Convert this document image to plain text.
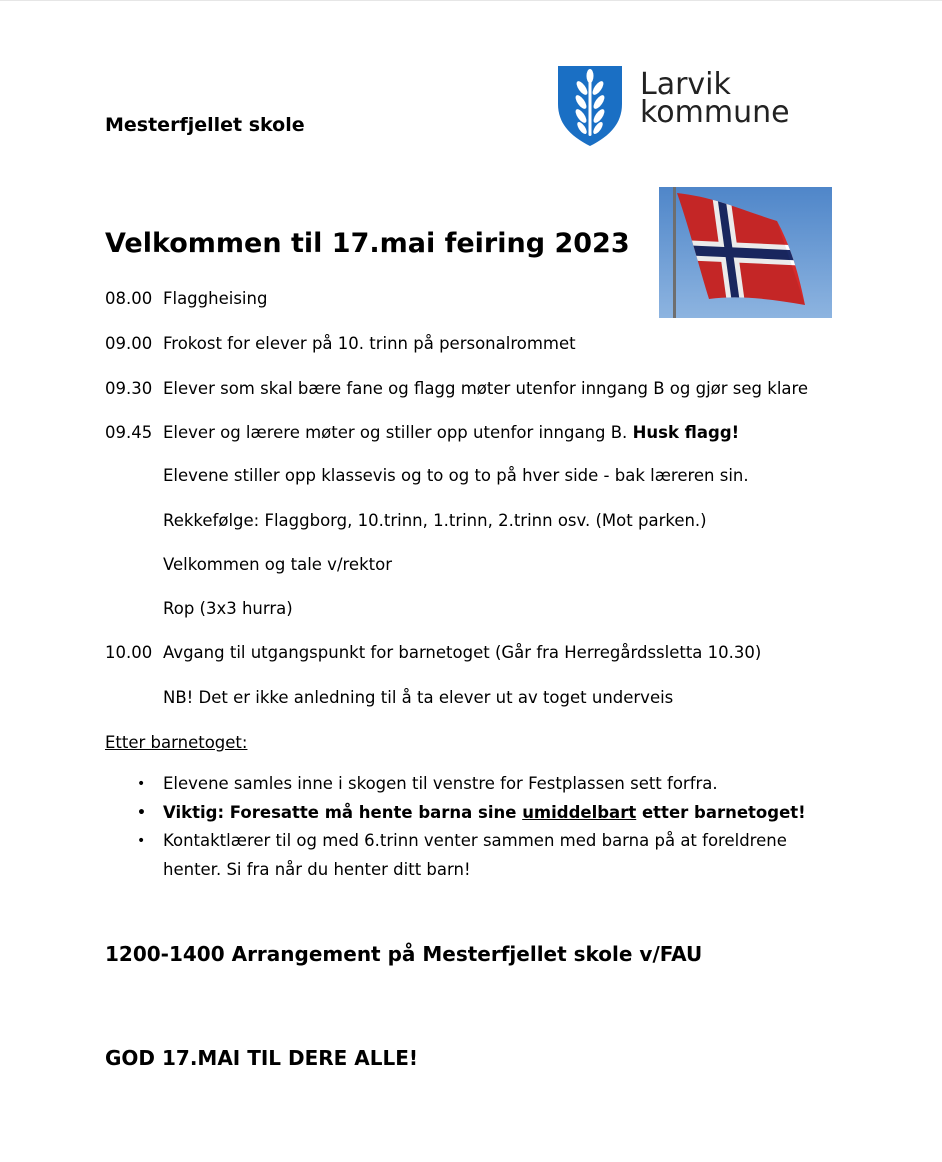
Mesterfjellet skole
Larvik
kommune
Velkommen til 17.mai feiring 2023
08.00 Flaggheising
09.00 Frokost for elever på 10. trinn på personalrommet
09.30 Elever som skal bære fane og flagg møter utenfor inngang B og gjør seg klare
09.45 Elever og lærere møter og stiller opp utenfor inngang B. Husk flagg!
Elevene stiller opp klassevis og to og to på hver side - bak læreren sin.
Rekkefølge: Flaggborg, 10.trinn, 1.trinn, 2.trinn osv. (Mot parken.)
Velkommen og tale v/rektor
Rop (3x3 hurra)
10.00 Avgang til utgangspunkt for barnetoget (Går fra Herregårdssletta 10.30)
NB! Det er ikke anledning til å ta elever ut av toget underveis
Etter barnetoget:
• Elevene samles inne i skogen til venstre for Festplassen sett forfra.
• Viktig: Foresatte må hente barna sine umiddelbart etter barnetoget!
• Kontaktlærer til og med 6.trinn venter sammen med barna på at foreldrene
henter. Si fra når du henter ditt barn!
1200-1400 Arrangement på Mesterfjellet skole v/FAU
GOD 17.MAI TIL DERE ALLE!
